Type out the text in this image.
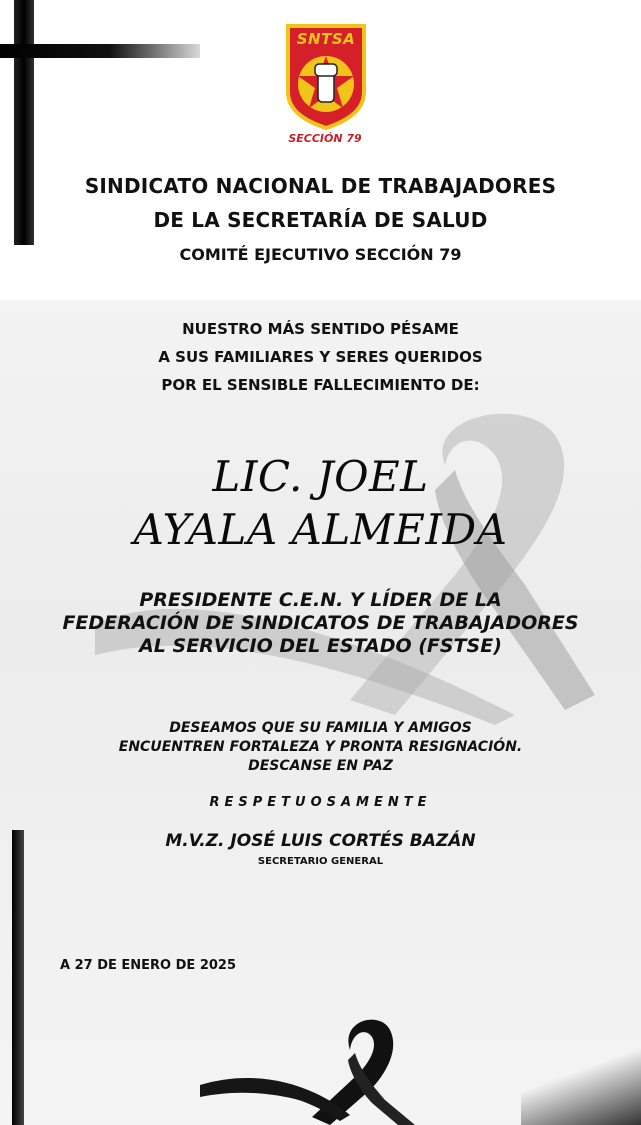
SNTSA
SECCIÓN 79
SINDICATO NACIONAL DE TRABAJADORES
DE LA SECRETARÍA DE SALUD
COMITÉ EJECUTIVO SECCIÓN 79
NUESTRO MÁS SENTIDO PÉSAME
A SUS FAMILIARES Y SERES QUERIDOS
POR EL SENSIBLE FALLECIMIENTO DE:
LIC. JOEL
AYALA ALMEIDA
PRESIDENTE C.E.N. Y LÍDER DE LA
FEDERACIÓN DE SINDICATOS DE TRABAJADORES
AL SERVICIO DEL ESTADO (FSTSE)
DESEAMOS QUE SU FAMILIA Y AMIGOS
ENCUENTREN FORTALEZA Y PRONTA RESIGNACIÓN.
DESCANSE EN PAZ
RESPETUOSAMENTE
M.V.Z. JOSÉ LUIS CORTÉS BAZÁN
SECRETARIO GENERAL
A 27 DE ENERO DE 2025
